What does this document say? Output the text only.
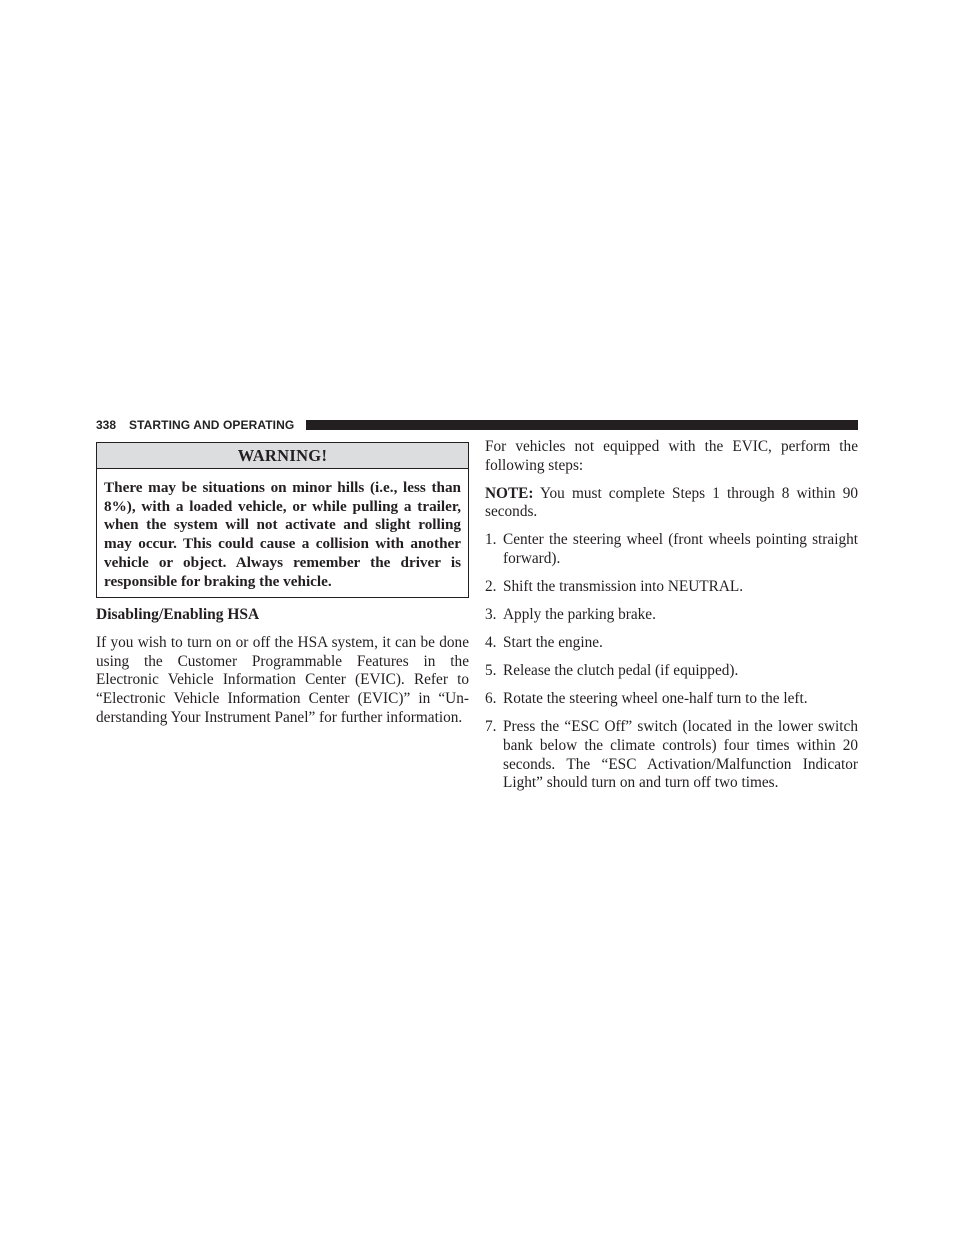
338 STARTING AND OPERATING
WARNING!
There may be situations on minor hills (i.e., less than 8%), with a loaded vehicle, or while pulling a trailer, when the system will not activate and slight rolling may occur. This could cause a collision with another vehicle or object. Always remember the driver is responsible for braking the vehicle.
Disabling/Enabling HSA

If you wish to turn on or off the HSA system, it can be done using the Customer Programmable Features in the Electronic Vehicle Information Center (EVIC). Refer to “Electronic Vehicle Information Center (EVIC)” in “Understanding Your Instrument Panel” for further information.

For vehicles not equipped with the EVIC, perform the following steps:

NOTE: You must complete Steps 1 through 8 within 90 seconds.

1. Center the steering wheel (front wheels pointing straight forward).
2. Shift the transmission into NEUTRAL.
3. Apply the parking brake.
4. Start the engine.
5. Release the clutch pedal (if equipped).
6. Rotate the steering wheel one-half turn to the left.
7. Press the “ESC Off” switch (located in the lower switch bank below the climate controls) four times within 20 seconds. The “ESC Activation/Malfunction Indicator Light” should turn on and turn off two times.
